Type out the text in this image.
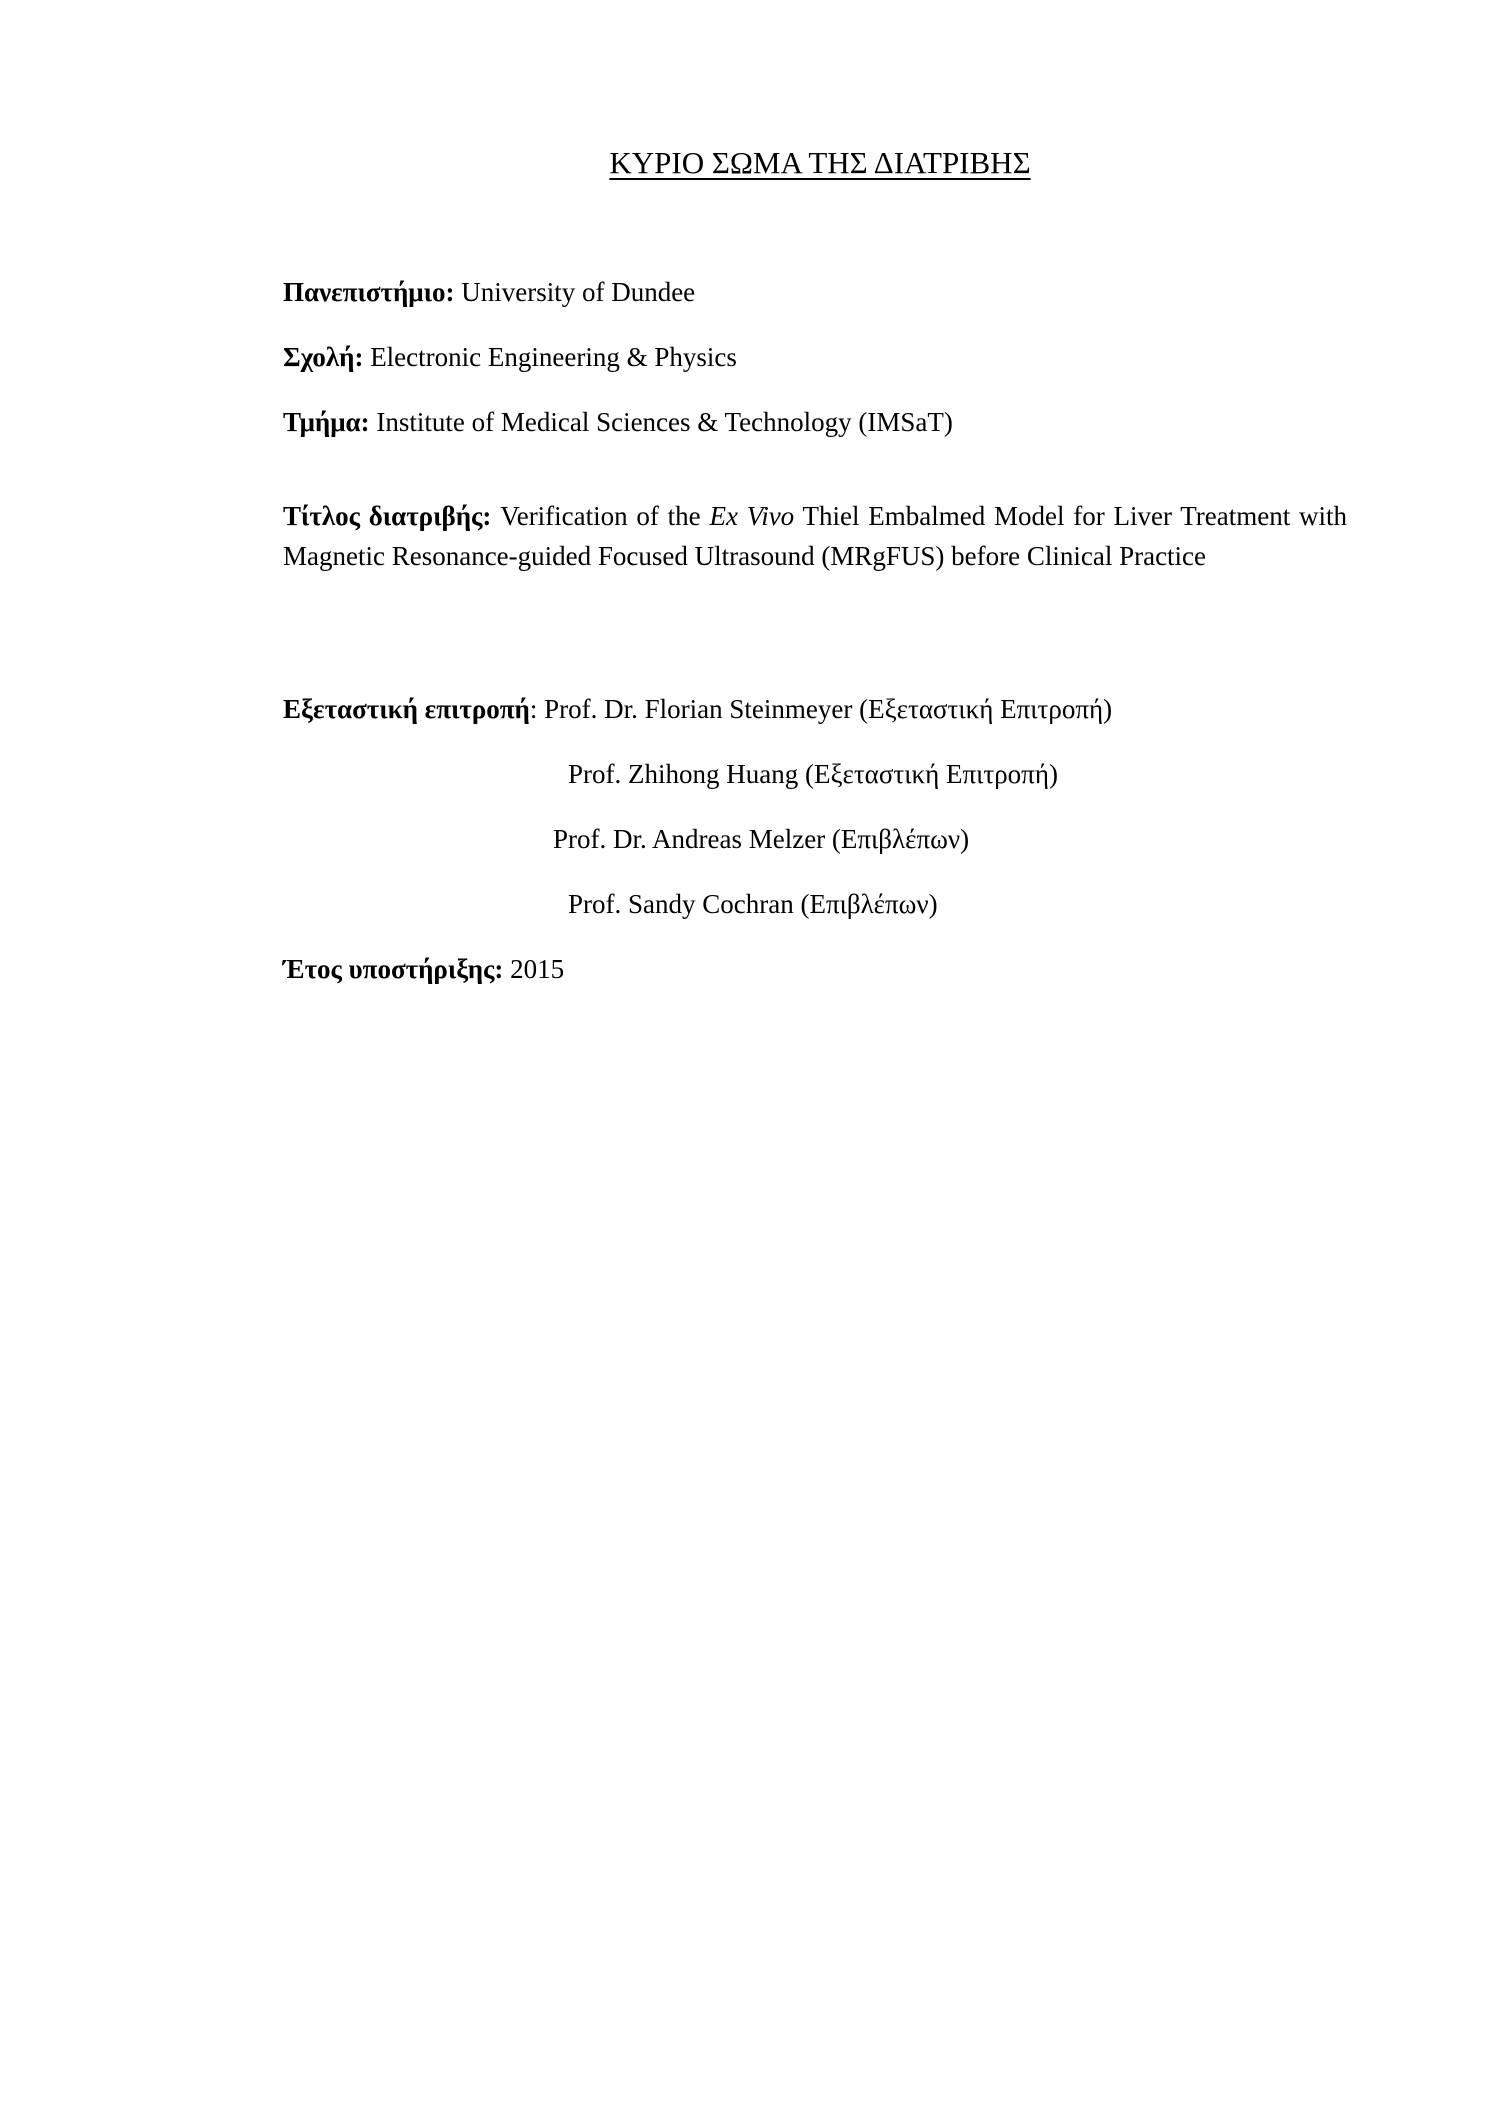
ΚΥΡΙΟ ΣΩΜΑ ΤΗΣ ΔΙΑΤΡΙΒΗΣ
Πανεπιστήμιο: University of Dundee
Σχολή: Electronic Engineering & Physics
Τμήμα: Institute of Medical Sciences & Technology (IMSaT)
Τίτλος διατριβής: Verification of the Ex Vivo Thiel Embalmed Model for Liver Treatment with Magnetic Resonance-guided Focused Ultrasound (MRgFUS) before Clinical Practice
Εξεταστική επιτροπή: Prof. Dr. Florian Steinmeyer (Εξεταστική Επιτροπή)
Prof. Zhihong Huang (Εξεταστική Επιτροπή)
Prof. Dr. Andreas Melzer (Επιβλέπων)
Prof. Sandy Cochran (Επιβλέπων)
Έτος υποστήριξης: 2015
